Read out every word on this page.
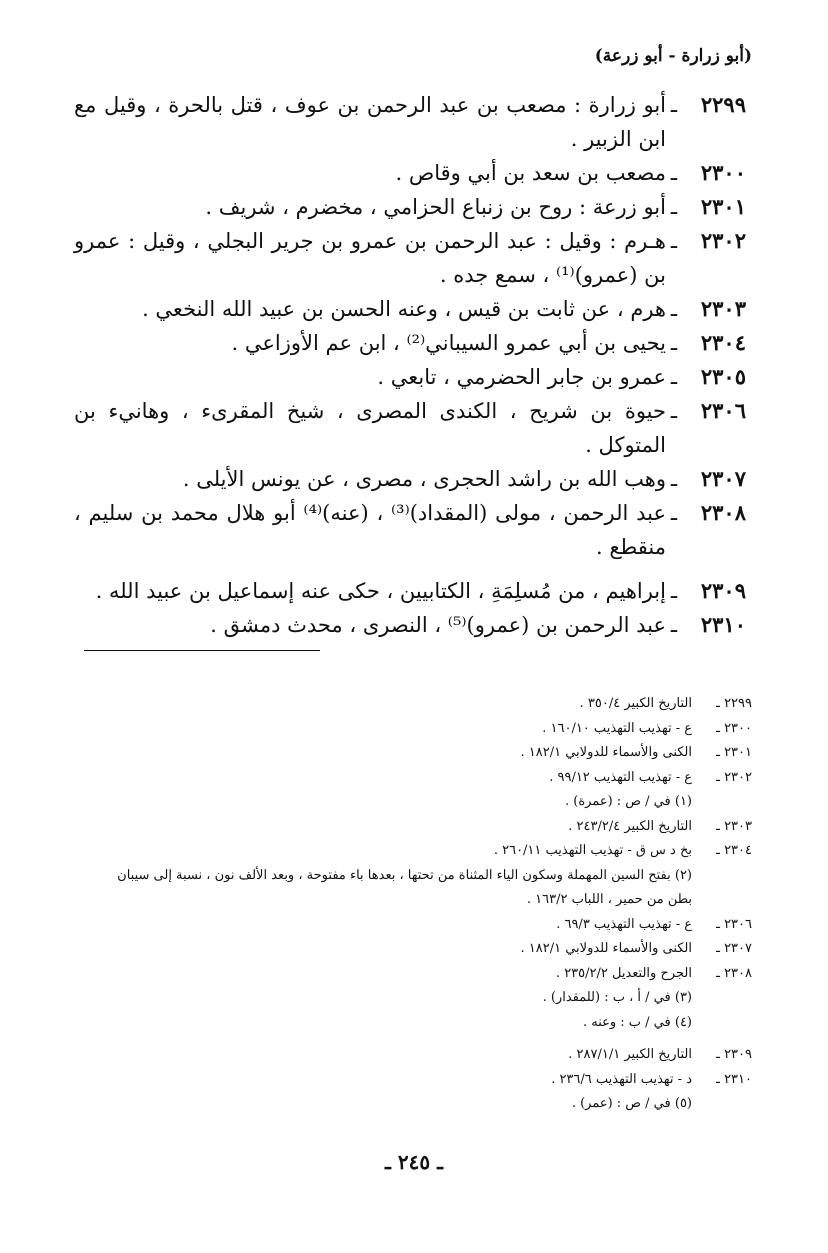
(أبو زرارة - أبو زرعة)
٢٢٩٩
ـ
أبو زرارة : مصعب بن عبد الرحمن بن عوف ، قتل بالحرة ، وقيل مع ابن الزبير .
٢٣٠٠
ـ
مصعب بن سعد بن أبي وقاص .
٢٣٠١
ـ
أبو زرعة : روح بن زنباع الحزامي ، مخضرم ، شريف .
٢٣٠٢
ـ
هـرم : وقيل : عبد الرحمن بن عمرو بن جرير البجلي ، وقيل : عمرو بن (عمرو)⁽¹⁾ ، سمع جده .
٢٣٠٣
ـ
هرم ، عن ثابت بن قيس ، وعنه الحسن بن عبيد الله النخعي .
٢٣٠٤
ـ
يحيى بن أبي عمرو السيباني⁽²⁾ ، ابن عم الأوزاعي .
٢٣٠٥
ـ
عمرو بن جابر الحضرمي ، تابعي .
٢٣٠٦
ـ
حيوة بن شريح ، الكندى المصرى ، شيخ المقرىء ، وهانيء بن المتوكل .
٢٣٠٧
ـ
وهب الله بن راشد الحجرى ، مصرى ، عن يونس الأيلى .
٢٣٠٨
ـ
عبد الرحمن ، مولى (المقداد)⁽³⁾ ، (عنه)⁽⁴⁾ أبو هلال محمد بن سليم ، منقطع .
٢٣٠٩
ـ
إبراهيم ، من مُسلِمَةِ ، الكتابيين ، حكى عنه إسماعيل بن عبيد الله .
٢٣١٠
ـ
عبد الرحمن بن (عمرو)⁽⁵⁾ ، النصرى ، محدث دمشق .
٢٢٩٩ ـ
التاريخ الكبير ٣٥٠/٤ .
٢٣٠٠ ـ
ع - تهذيب التهذيب ١٦٠/١٠ .
٢٣٠١ ـ
الكنى والأسماء للدولابي ١٨٢/١ .
٢٣٠٢ ـ
ع - تهذيب التهذيب ٩٩/١٢ .
(١) في / ص : (عمرة) .
٢٣٠٣ ـ
التاريخ الكبير ٢٤٣/٢/٤ .
٢٣٠٤ ـ
بخ د س ق - تهذيب التهذيب ٢٦٠/١١ .
(٢) بفتح السين المهملة وسكون الياء المثناة من تحتها ، بعدها باء مفتوحة ، وبعد الألف نون ، نسبة إلى سيبان بطن من حمير ، اللباب ١٦٣/٢ .
٢٣٠٦ ـ
ع - تهذيب التهذيب ٦٩/٣ .
٢٣٠٧ ـ
الكنى والأسماء للدولابي ١٨٢/١ .
٢٣٠٨ ـ
الجرح والتعديل ٢٣٥/٢/٢ .
(٣) في / أ ، ب : (للمقدار) .
(٤) في / ب : وعنه .
٢٣٠٩ ـ
التاريخ الكبير ٢٨٧/١/١ .
٢٣١٠ ـ
د - تهذيب التهذيب ٢٣٦/٦ .
(٥) في / ص : (عمر) .
ـ ٢٤٥ ـ
